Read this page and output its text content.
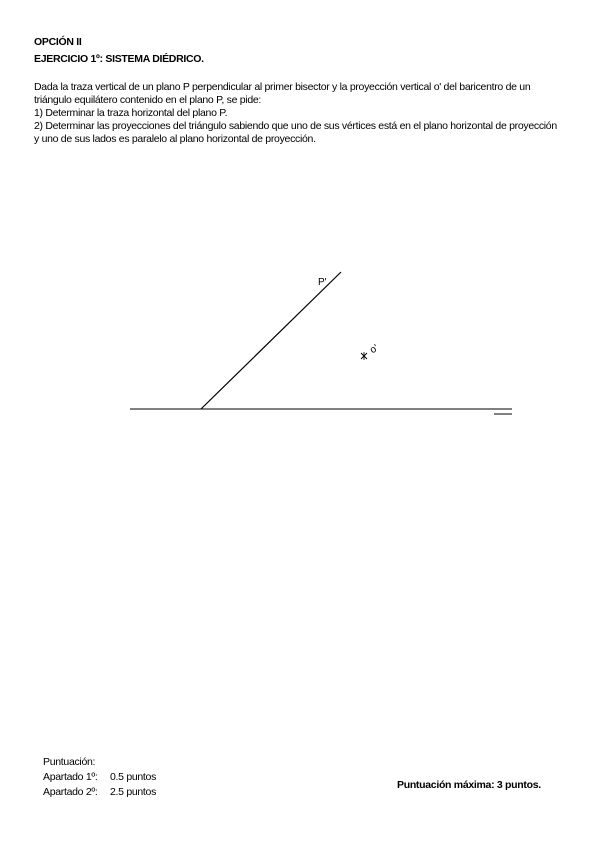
OPCIÓN II
EJERCICIO 1º: SISTEMA DIÉDRICO.
Dada la traza vertical de un plano P perpendicular al primer bisector y la proyección vertical o' del baricentro de un
triángulo equilátero contenido en el plano P, se pide:
1) Determinar la traza horizontal del plano P.
2) Determinar las proyecciones del triángulo sabiendo que uno de sus vértices está en el plano horizontal de proyección
y uno de sus lados es paralelo al plano horizontal de proyección.
P'
o'
Puntuación:
Apartado 1º: 0.5 puntos
Apartado 2º: 2.5 puntos
Puntuación máxima: 3 puntos.
